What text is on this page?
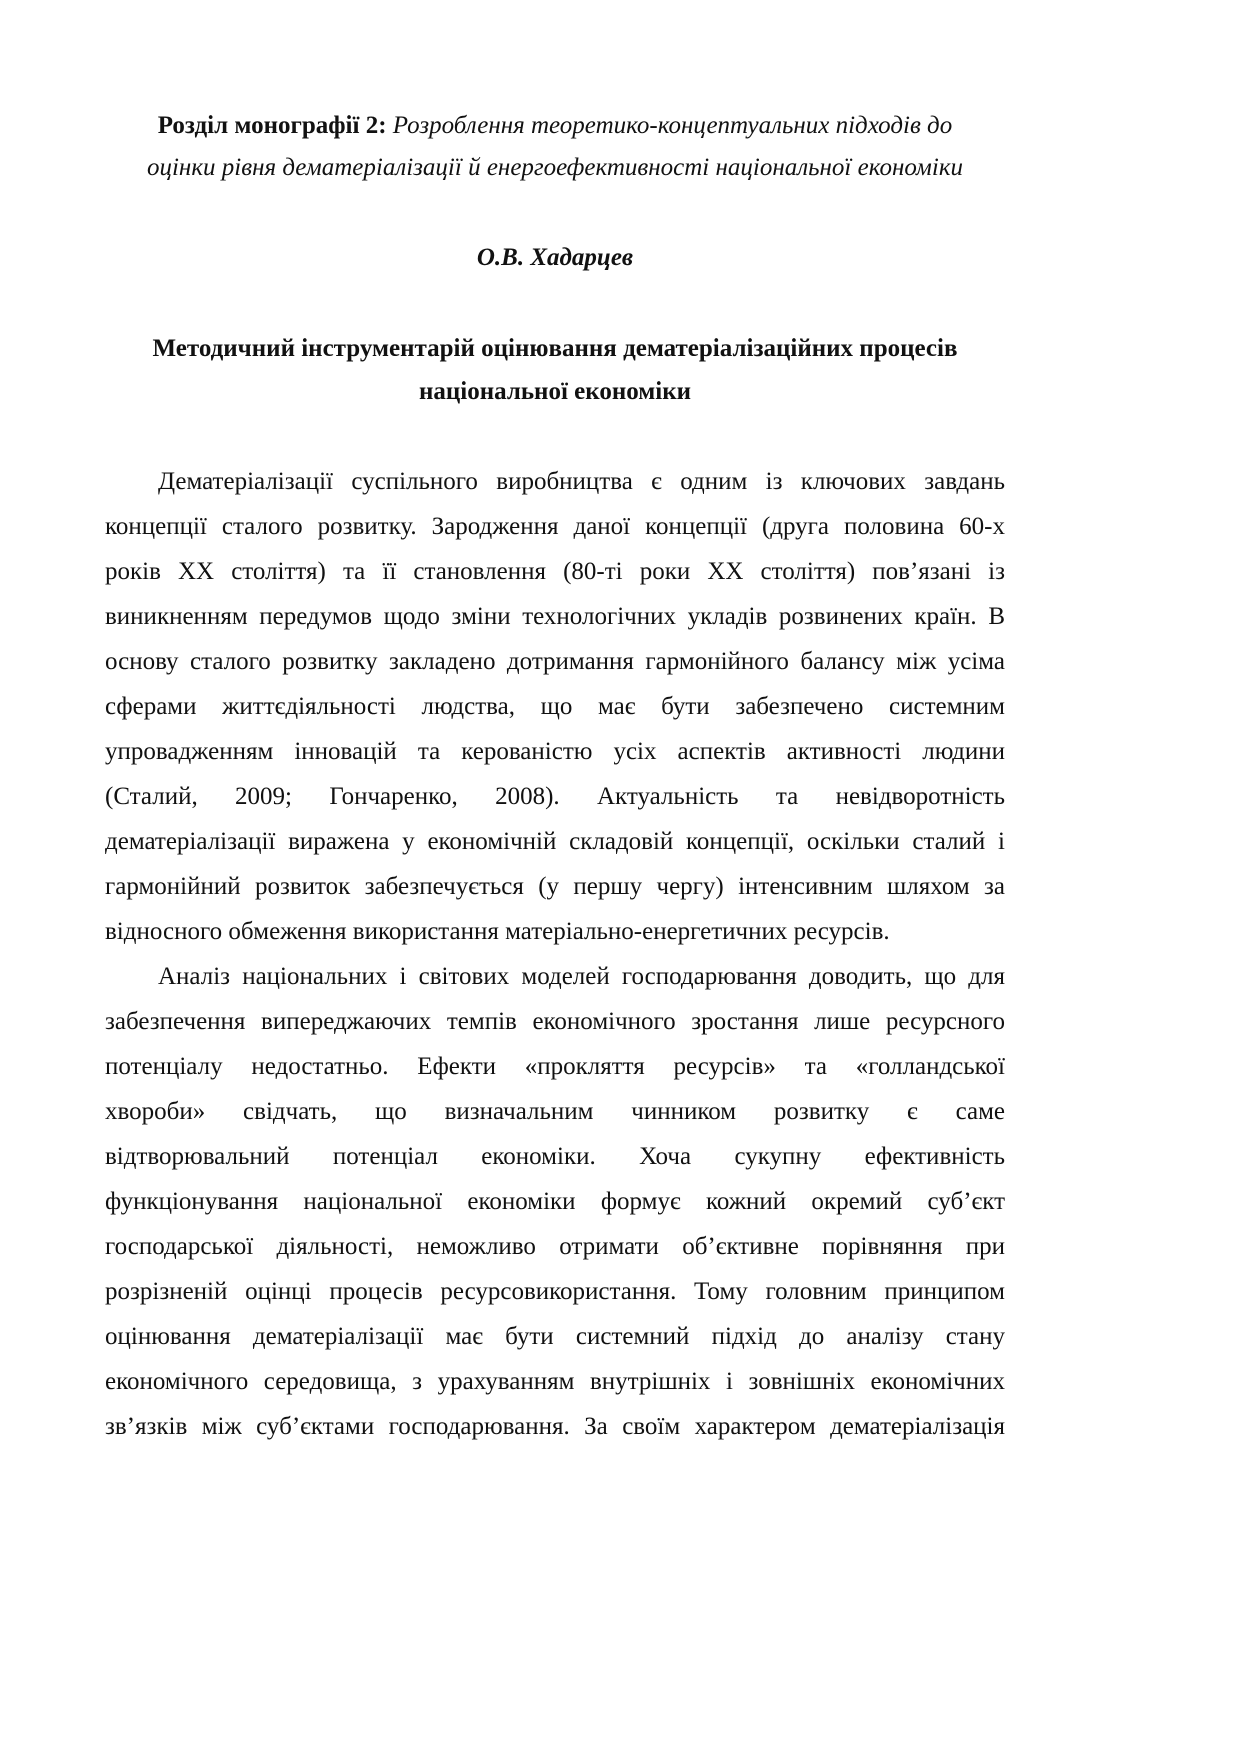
Розділ монографії 2: Розроблення теоретико-концептуальних підходів до
оцінки рівня дематеріалізації й енергоефективності національної економіки
О.В. Хадарцев
Методичний інструментарій оцінювання дематеріалізаційних процесів
національної економіки
Дематеріалізації суспільного виробництва є одним із ключових завдань
концепції сталого розвитку. Зародження даної концепції (друга половина 60-х
років XX століття) та її становлення (80-ті роки XX століття) пов’язані із
виникненням передумов щодо зміни технологічних укладів розвинених країн. В
основу сталого розвитку закладено дотримання гармонійного балансу між усіма
сферами життєдіяльності людства, що має бути забезпечено системним
упровадженням інновацій та керованістю усіх аспектів активності людини
(Сталий, 2009; Гончаренко, 2008). Актуальність та невідворотність
дематеріалізації виражена у економічній складовій концепції, оскільки сталий і
гармонійний розвиток забезпечується (у першу чергу) інтенсивним шляхом за
відносного обмеження використання матеріально-енергетичних ресурсів.
Аналіз національних і світових моделей господарювання доводить, що для
забезпечення випереджаючих темпів економічного зростання лише ресурсного
потенціалу недостатньо. Ефекти «прокляття ресурсів» та «голландської
хвороби» свідчать, що визначальним чинником розвитку є саме
відтворювальний потенціал економіки. Хоча сукупну ефективність
функціонування національної економіки формує кожний окремий суб’єкт
господарської діяльності, неможливо отримати об’єктивне порівняння при
розрізненій оцінці процесів ресурсовикористання. Тому головним принципом
оцінювання дематеріалізації має бути системний підхід до аналізу стану
економічного середовища, з урахуванням внутрішніх і зовнішніх економічних
зв’язків між суб’єктами господарювання. За своїм характером дематеріалізація
